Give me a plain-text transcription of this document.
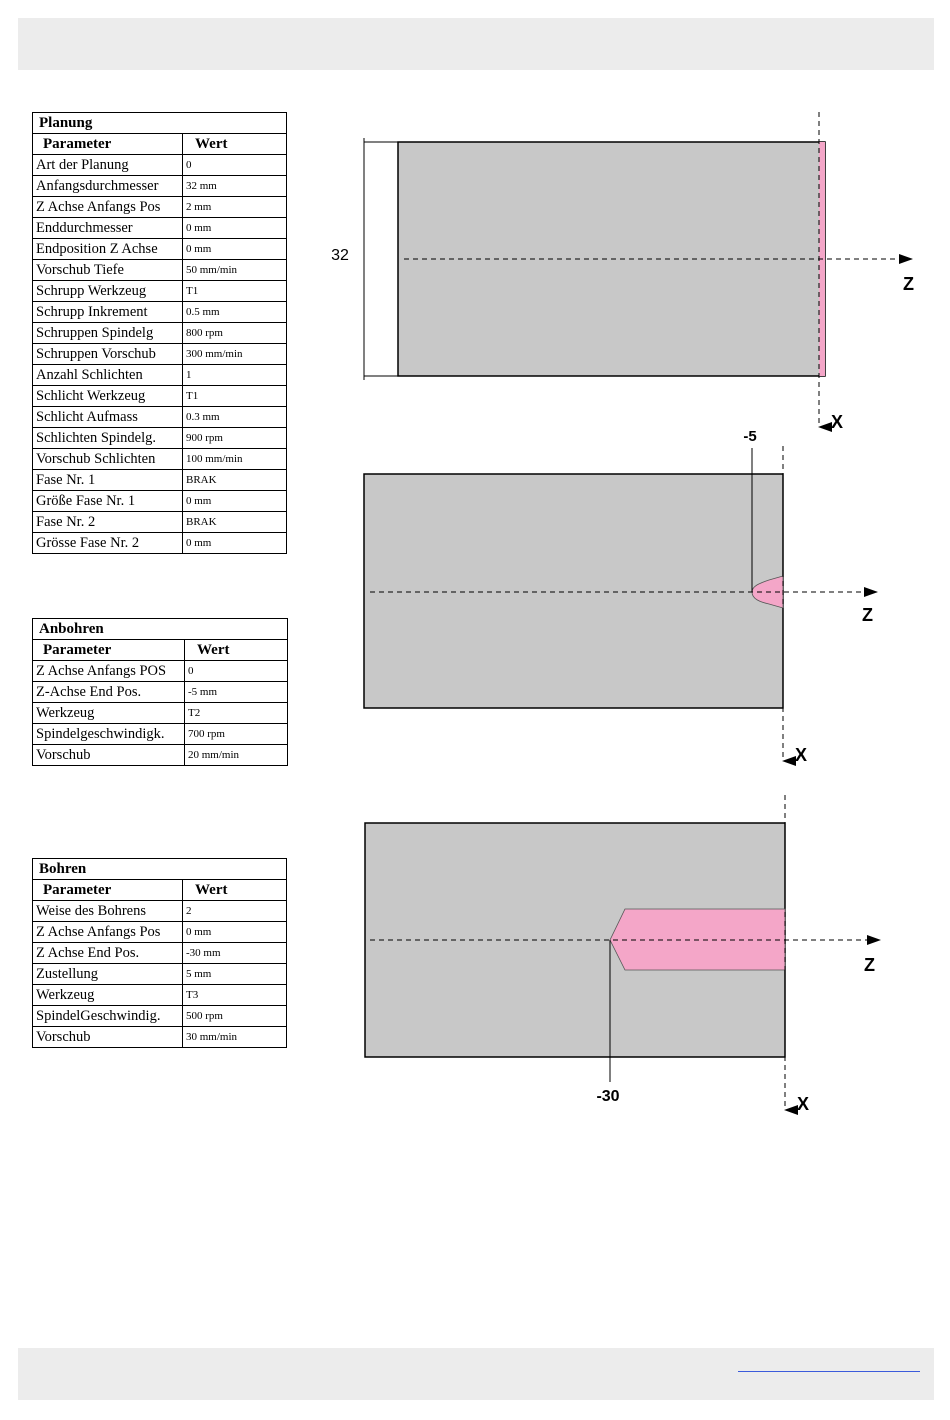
Planung	
Parameter	Wert
Art der Planung	0
Anfangsdurchmesser	32 mm
Z Achse Anfangs Pos	2 mm
Enddurchmesser	0 mm
Endposition Z Achse	0 mm
Vorschub Tiefe	50 mm/min
Schrupp Werkzeug	T1
Schrupp Inkrement	0.5 mm
Schruppen Spindelg	800 rpm
Schruppen Vorschub	300 mm/min
Anzahl Schlichten	1
Schlicht Werkzeug	T1
Schlicht Aufmass	0.3 mm
Schlichten Spindelg.	900 rpm
Vorschub Schlichten	100 mm/min
Fase Nr. 1	BRAK
Größe Fase Nr. 1	0 mm
Fase Nr. 2	BRAK
Grösse Fase Nr. 2	0 mm
Anbohren	
Parameter	Wert
Z Achse Anfangs POS	0
Z-Achse End Pos.	-5 mm
Werkzeug	T2
Spindelgeschwindigk.	700 rpm
Vorschub	20 mm/min
Bohren	
Parameter	Wert
Weise des Bohrens	2
Z Achse Anfangs Pos	0 mm
Z Achse End Pos.	-30 mm
Zustellung	5 mm
Werkzeug	T3
SpindelGeschwindig.	500 rpm
Vorschub	30 mm/min
32
Z
X
-5
Z
X
-30
Z
X
